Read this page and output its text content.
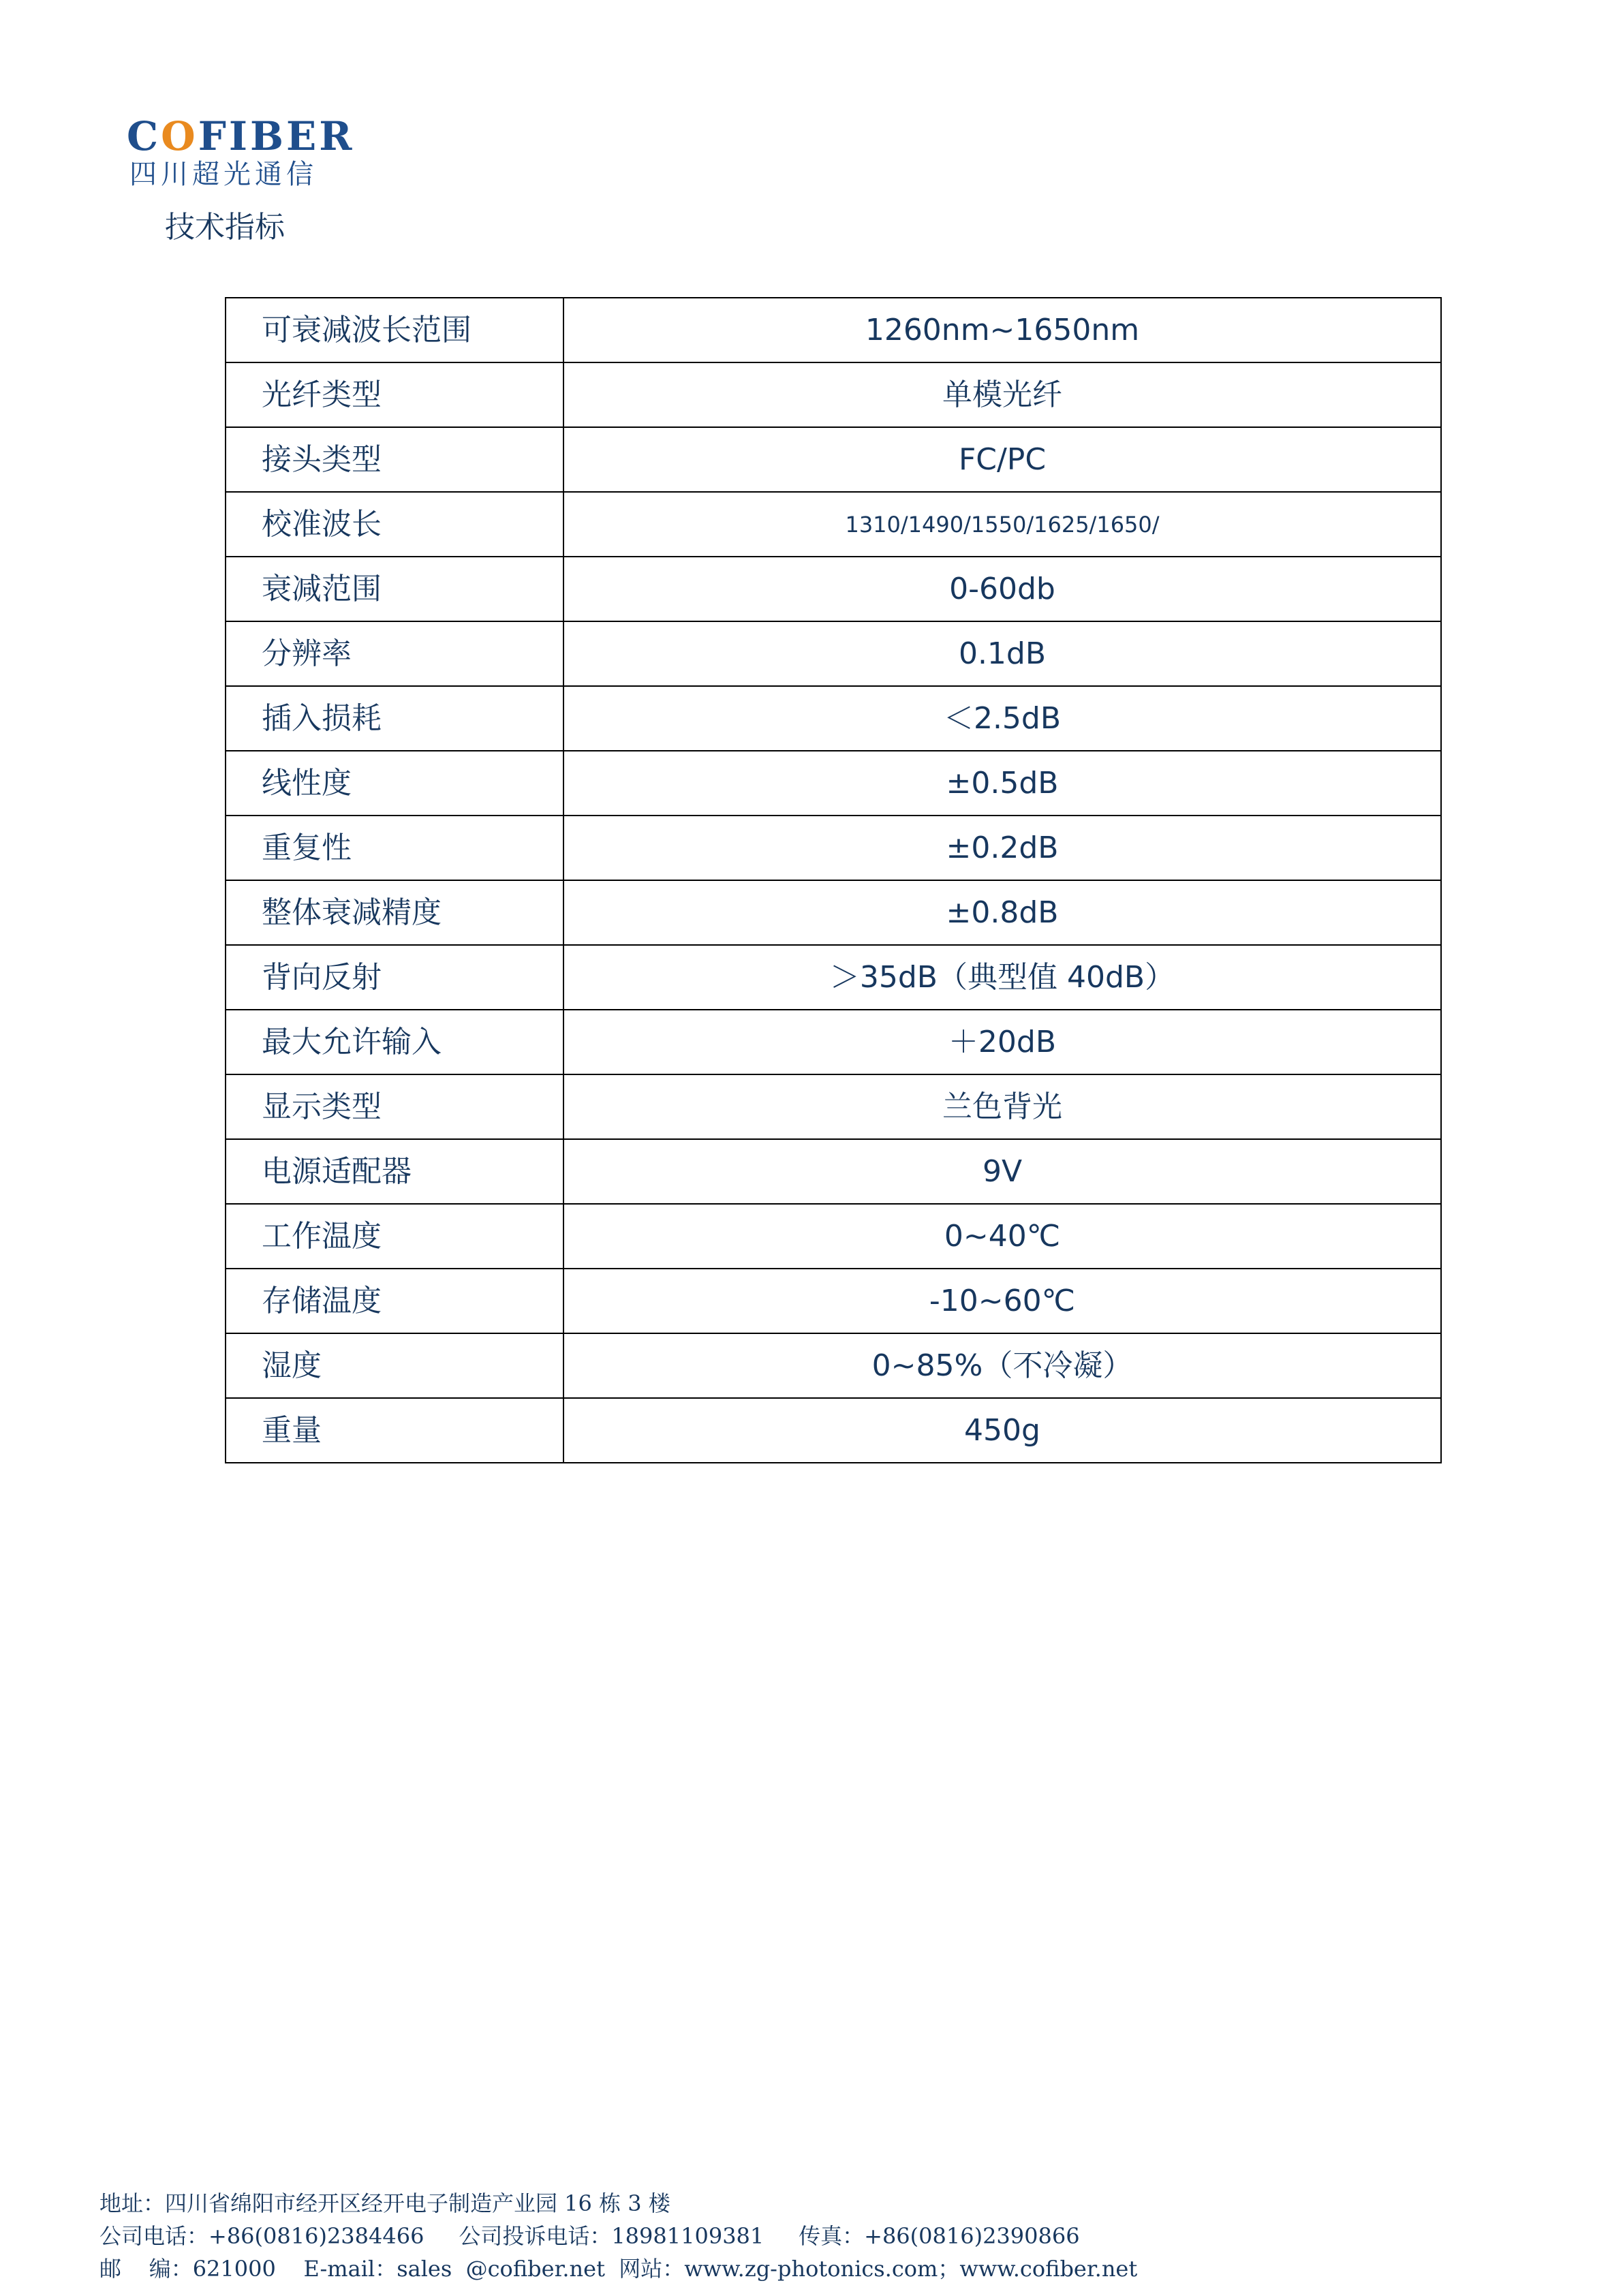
COFIBER
四川超光通信
技术指标
可衰减波长范围	1260nm~1650nm
光纤类型	单模光纤
接头类型	FC/PC
校准波长	1310/1490/1550/1625/1650/
衰减范围	0-60db
分辨率	0.1dB
插入损耗	＜2.5dB
线性度	±0.5dB
重复性	±0.2dB
整体衰减精度	±0.8dB
背向反射	＞35dB（典型值 40dB）
最大允许输入	＋20dB
显示类型	兰色背光
电源适配器	9V
工作温度	0~40℃
存储温度	-10~60℃
湿度	0~85%（不冷凝）
重量	450g
地址：四川省绵阳市经开区经开电子制造产业园 16 栋 3 楼
公司电话：+86(0816)2384466     公司投诉电话：18981109381     传真：+86(0816)2390866
邮    编：621000    E-mail：sales  @cofiber.net  网站：www.zg-photonics.com；www.cofiber.net
